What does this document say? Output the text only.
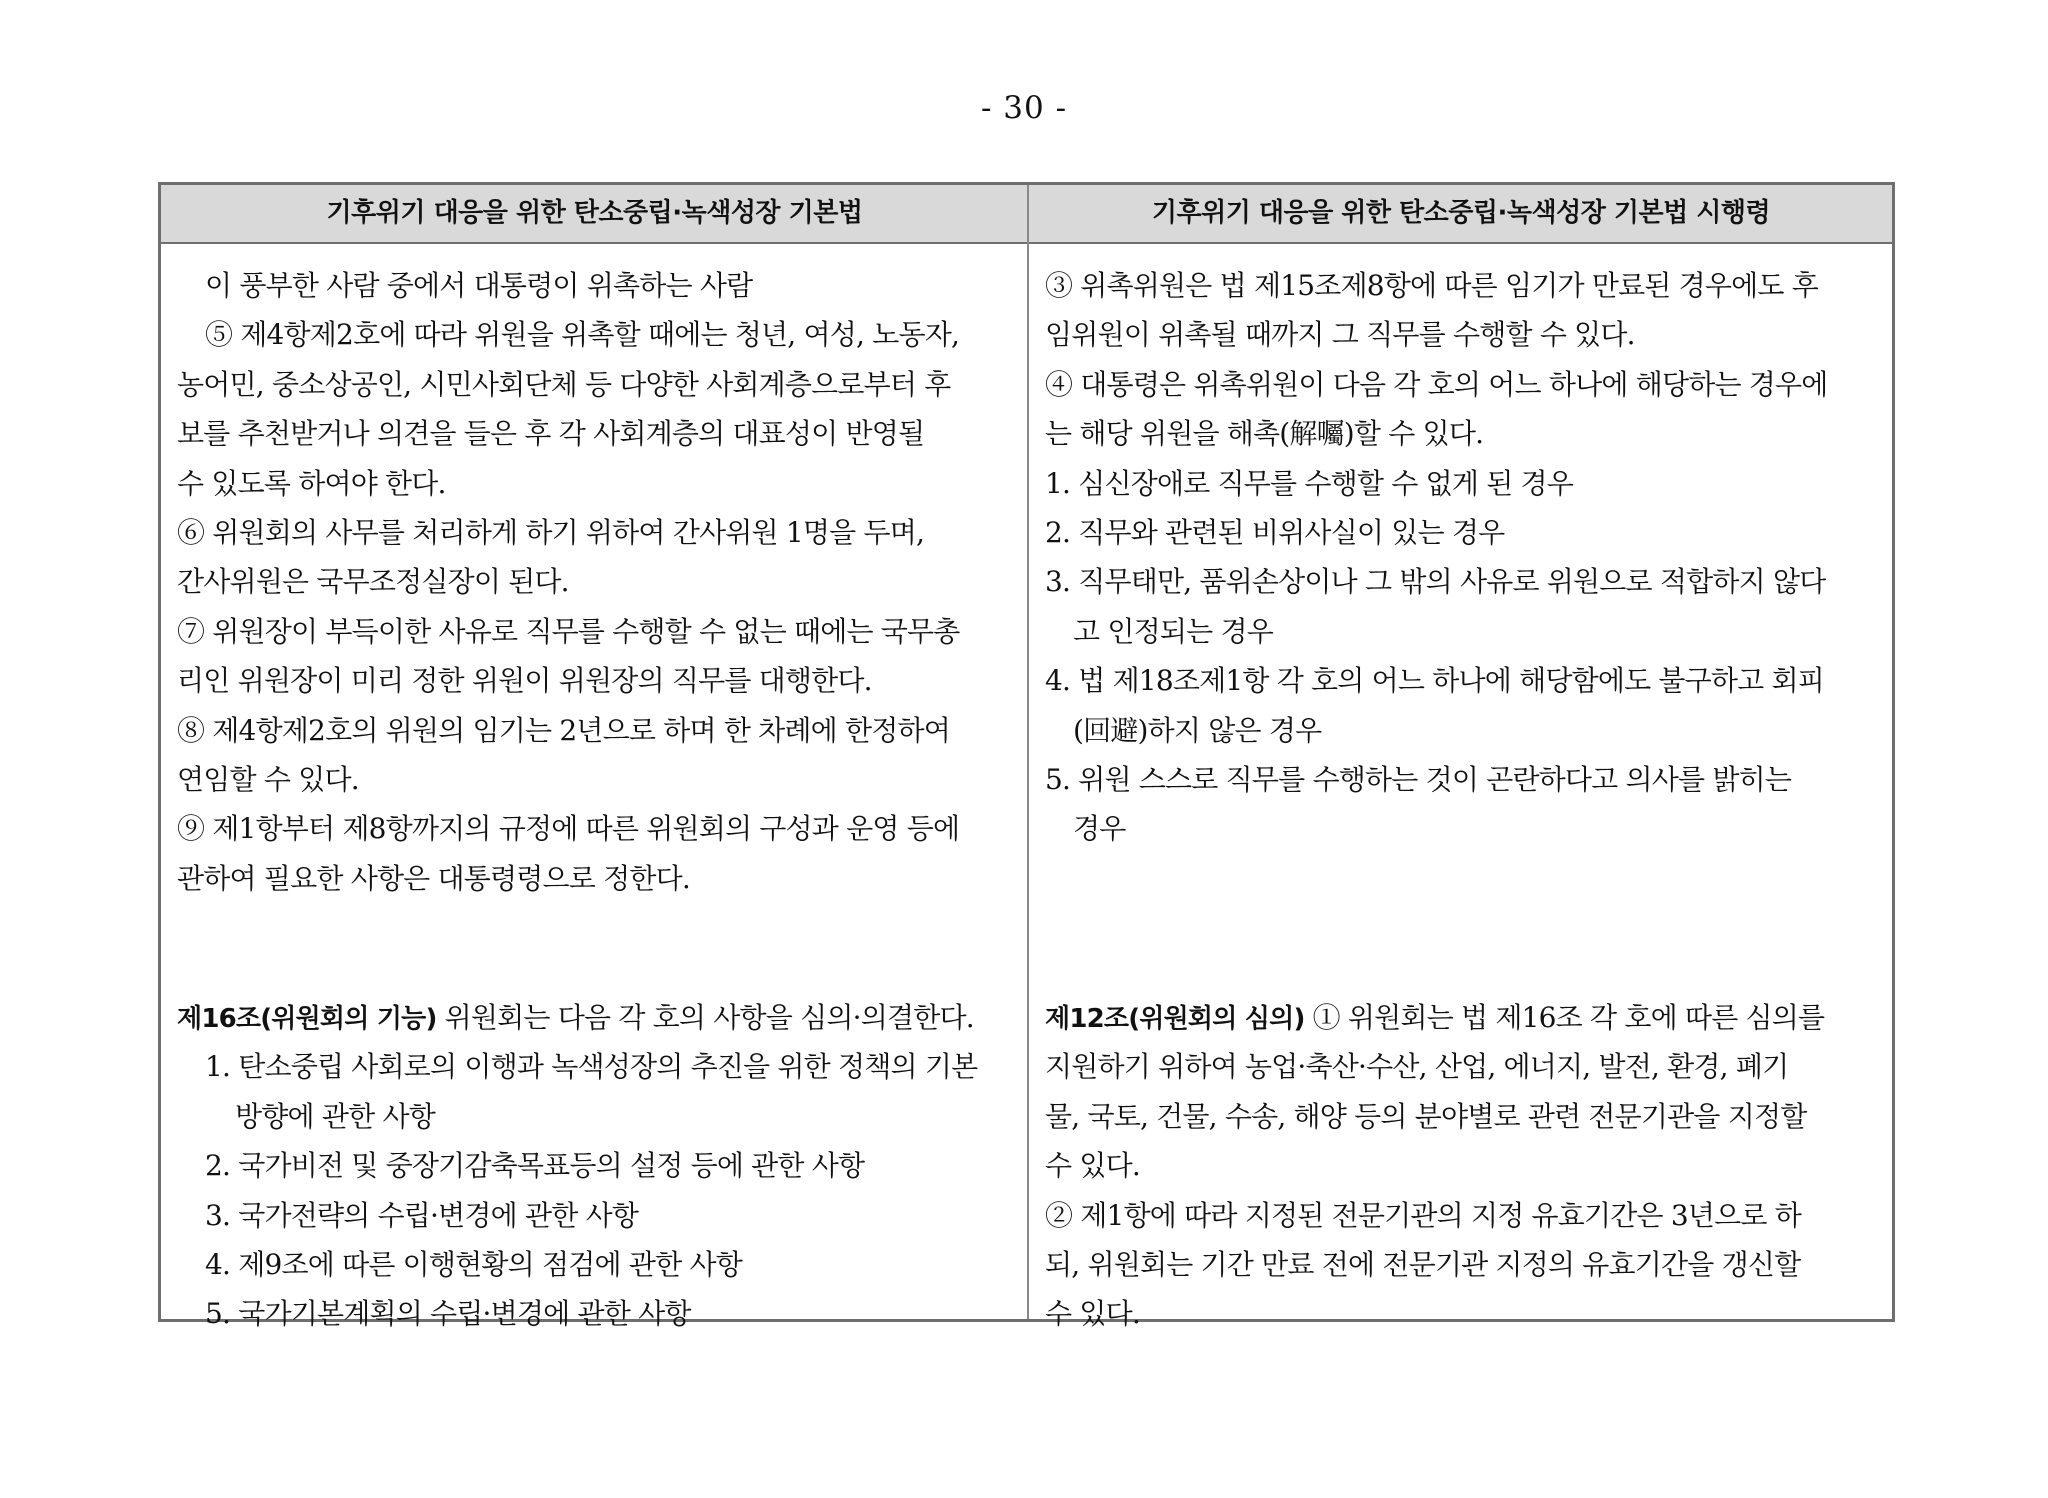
- 30 -
기후위기 대응을 위한 탄소중립·녹색성장 기본법	기후위기 대응을 위한 탄소중립·녹색성장 기본법 시행령
이 풍부한 사람 중에서 대통령이 위촉하는 사람
⑤ 제4항제2호에 따라 위원을 위촉할 때에는 청년, 여성, 노동자,
농어민, 중소상공인, 시민사회단체 등 다양한 사회계층으로부터 후
보를 추천받거나 의견을 들은 후 각 사회계층의 대표성이 반영될
수 있도록 하여야 한다.
⑥ 위원회의 사무를 처리하게 하기 위하여 간사위원 1명을 두며,
간사위원은 국무조정실장이 된다.
⑦ 위원장이 부득이한 사유로 직무를 수행할 수 없는 때에는 국무총
리인 위원장이 미리 정한 위원이 위원장의 직무를 대행한다.
⑧ 제4항제2호의 위원의 임기는 2년으로 하며 한 차례에 한정하여
연임할 수 있다.
⑨ 제1항부터 제8항까지의 규정에 따른 위원회의 구성과 운영 등에
관하여 필요한 사항은 대통령령으로 정한다.
제16조(위원회의 기능) 위원회는 다음 각 호의 사항을 심의·의결한다.
1. 탄소중립 사회로의 이행과 녹색성장의 추진을 위한 정책의 기본
방향에 관한 사항
2. 국가비전 및 중장기감축목표등의 설정 등에 관한 사항
3. 국가전략의 수립·변경에 관한 사항
4. 제9조에 따른 이행현황의 점검에 관한 사항
5. 국가기본계획의 수립·변경에 관한 사항
③ 위촉위원은 법 제15조제8항에 따른 임기가 만료된 경우에도 후
임위원이 위촉될 때까지 그 직무를 수행할 수 있다.
④ 대통령은 위촉위원이 다음 각 호의 어느 하나에 해당하는 경우에
는 해당 위원을 해촉(解囑)할 수 있다.
1. 심신장애로 직무를 수행할 수 없게 된 경우
2. 직무와 관련된 비위사실이 있는 경우
3. 직무태만, 품위손상이나 그 밖의 사유로 위원으로 적합하지 않다
고 인정되는 경우
4. 법 제18조제1항 각 호의 어느 하나에 해당함에도 불구하고 회피
(回避)하지 않은 경우
5. 위원 스스로 직무를 수행하는 것이 곤란하다고 의사를 밝히는
경우
제12조(위원회의 심의) ① 위원회는 법 제16조 각 호에 따른 심의를
지원하기 위하여 농업·축산·수산, 산업, 에너지, 발전, 환경, 폐기
물, 국토, 건물, 수송, 해양 등의 분야별로 관련 전문기관을 지정할
수 있다.
② 제1항에 따라 지정된 전문기관의 지정 유효기간은 3년으로 하
되, 위원회는 기간 만료 전에 전문기관 지정의 유효기간을 갱신할
수 있다.
